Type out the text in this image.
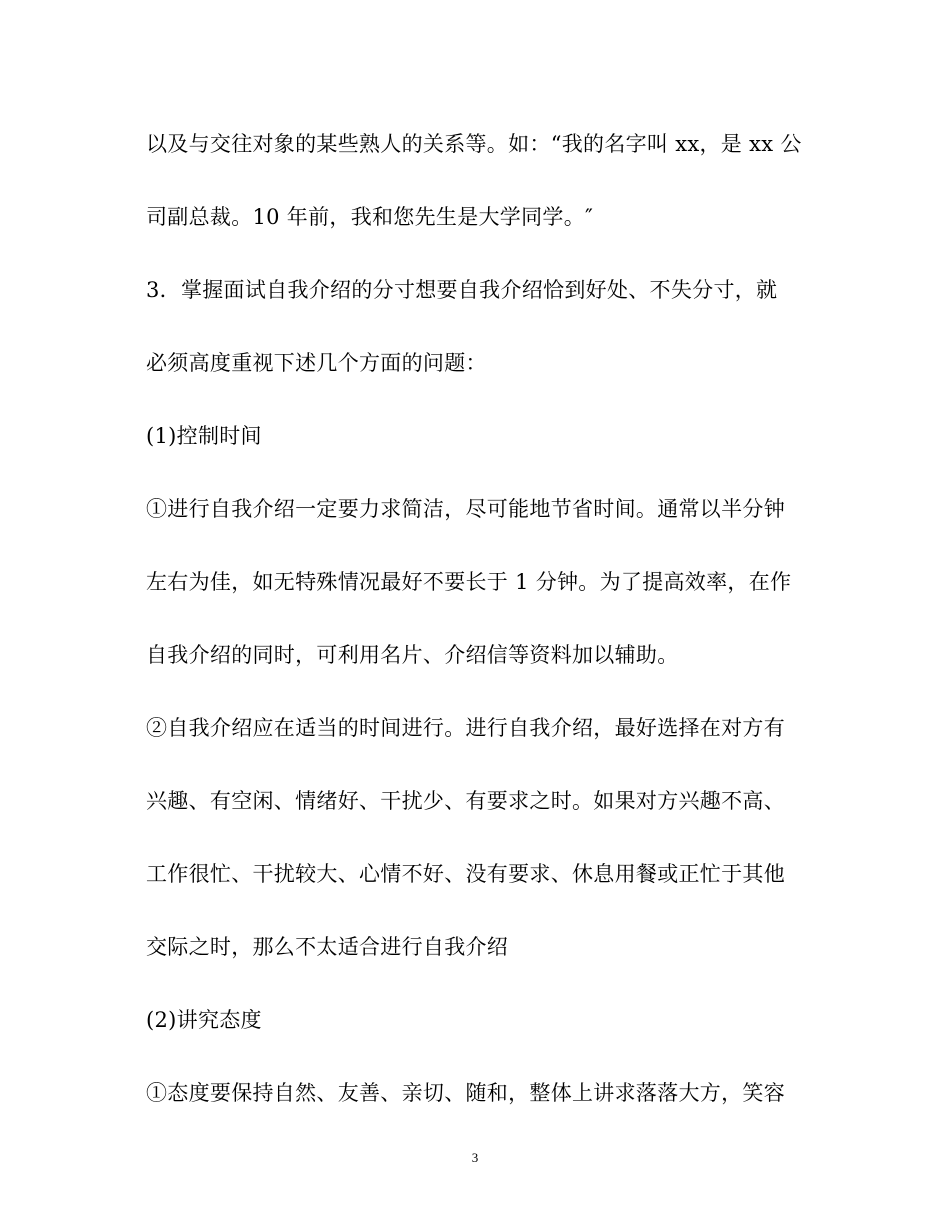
以及与交往对象的某些熟人的关系等。如：“我的名字叫 xx，是 xx 公
司副总裁。10 年前，我和您先生是大学同学。″
3．掌握面试自我介绍的分寸想要自我介绍恰到好处、不失分寸，就
必须高度重视下述几个方面的问题：
(1)控制时间
①进行自我介绍一定要力求简洁，尽可能地节省时间。通常以半分钟
左右为佳，如无特殊情况最好不要长于 1 分钟。为了提高效率，在作
自我介绍的同时，可利用名片、介绍信等资料加以辅助。
②自我介绍应在适当的时间进行。进行自我介绍，最好选择在对方有
兴趣、有空闲、情绪好、干扰少、有要求之时。如果对方兴趣不高、
工作很忙、干扰较大、心情不好、没有要求、休息用餐或正忙于其他
交际之时，那么不太适合进行自我介绍
(2)讲究态度
①态度要保持自然、友善、亲切、随和，整体上讲求落落大方，笑容
3
